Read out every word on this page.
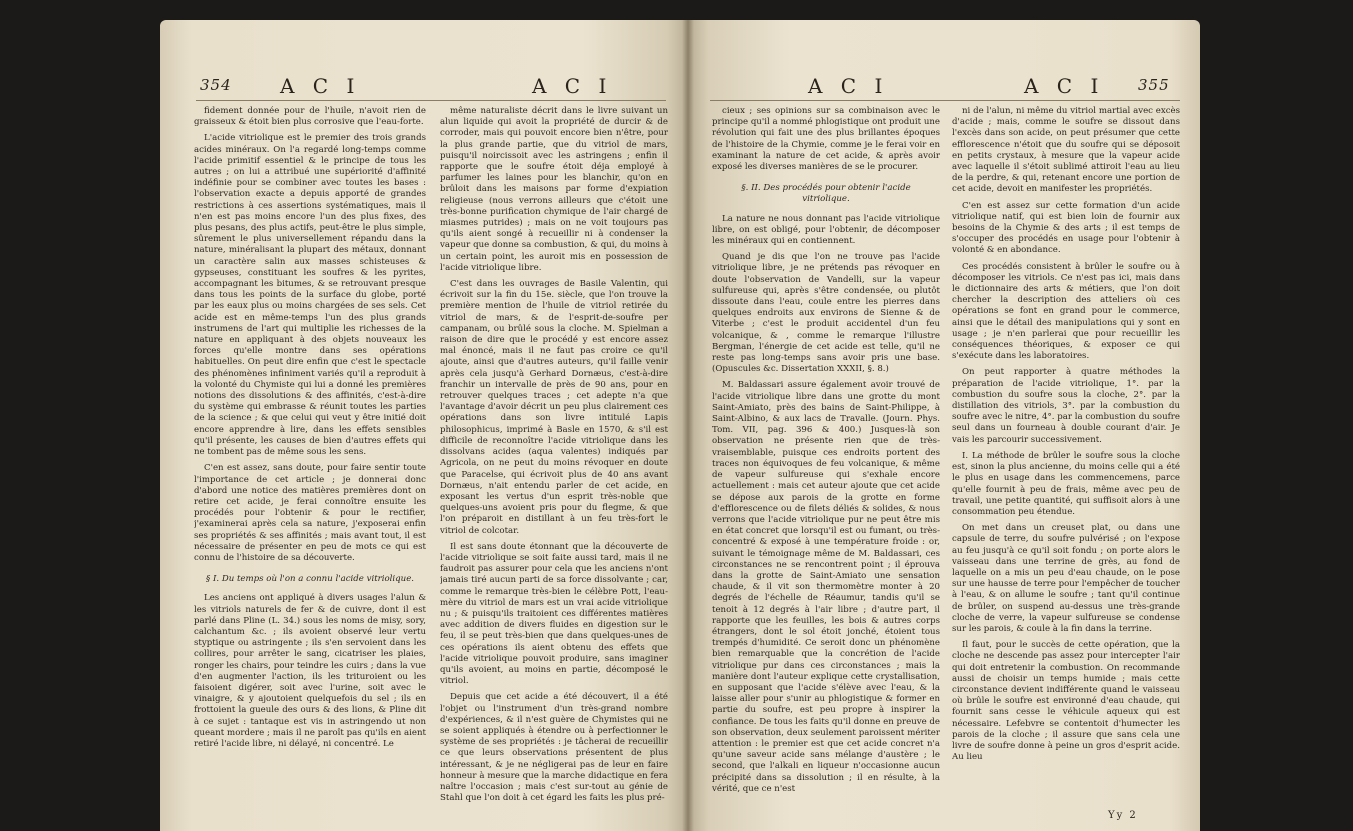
354 A C I	A C I

fidement donnée pour de l'huile, n'avoit rien de graisseux & étoit bien plus corrosive que l'eau-forte.

L'acide vitriolique est le premier des trois grands acides minéraux. On l'a regardé long-temps comme l'acide primitif essentiel & le principe de tous les autres ; on lui a attribué une supériorité d'affinité indéfinie pour se combiner avec toutes les bases : l'observation exacte a depuis apporté de grandes restrictions à ces assertions systématiques, mais il n'en est pas moins encore l'un des plus fixes, des plus pesans, des plus actifs, peut-être le plus simple, sûrement le plus universellement répandu dans la nature, minéralisant la plupart des métaux, donnant un caractère salin aux masses schisteuses & gypseuses, constituant les soufres & les pyrites, accompagnant les bitumes, & se retrouvant presque dans tous les points de la surface du globe, porté par les eaux plus ou moins chargées de ses sels. Cet acide est en même-temps l'un des plus grands instrumens de l'art qui multiplie les richesses de la nature en appliquant à des objets nouveaux les forces qu'elle montre dans ses opérations habituelles. On peut dire enfin que c'est le spectacle des phénomènes infiniment variés qu'il a reproduit à la volonté du Chymiste qui lui a donné les premières notions des dissolutions & des affinités, c'est-à-dire du système qui embrasse & réunit toutes les parties de la science ; & que celui qui veut y être initié doit encore apprendre à lire, dans les effets sensibles qu'il présente, les causes de bien d'autres effets qui ne tombent pas de même sous les sens.

C'en est assez, sans doute, pour faire sentir toute l'importance de cet article ; je donnerai donc d'abord une notice des matières premières dont on retire cet acide, je ferai connoître ensuite les procédés pour l'obtenir & pour le rectifier, j'examinerai après cela sa nature, j'exposerai enfin ses propriétés & ses affinités ; mais avant tout, il est nécessaire de présenter en peu de mots ce qui est connu de l'histoire de sa découverte.

§ I. Du temps où l'on a connu l'acide vitriolique.

Les anciens ont appliqué à divers usages l'alun & les vitriols naturels de fer & de cuivre, dont il est parlé dans Pline (L. 34.) sous les noms de misy, sory, calchantum &c. ; ils avoient observé leur vertu styptique ou astringente ; ils s'en servoient dans les collires, pour arrêter le sang, cicatriser les plaies, ronger les chairs, pour teindre les cuirs ; dans la vue d'en augmenter l'action, ils les trituroient ou les faisoient digérer, soit avec l'urine, soit avec le vinaigre, & y ajoutoient quelquefois du sel ; ils en frottoient la gueule des ours & des lions, & Pline dit à ce sujet : tantaque est vis in astringendo ut non queant mordere ; mais il ne paroît pas qu'ils en aient retiré l'acide libre, ni délayé, ni concentré. Le

même naturaliste décrit dans le livre suivant un alun liquide qui avoit la propriété de durcir & de corroder, mais qui pouvoit encore bien n'être, pour la plus grande partie, que du vitriol de mars, puisqu'il noircissoit avec les astringens ; enfin il rapporte que le soufre étoit déja employé à parfumer les laines pour les blanchir, qu'on en brûloit dans les maisons par forme d'expiation religieuse (nous verrons ailleurs que c'étoit une très-bonne purification chymique de l'air chargé de miasmes putrides) ; mais on ne voit toujours pas qu'ils aient songé à recueillir ni à condenser la vapeur que donne sa combustion, & qui, du moins à un certain point, les auroit mis en possession de l'acide vitriolique libre.

C'est dans les ouvrages de Basile Valentin, qui écrivoit sur la fin du 15e. siècle, que l'on trouve la première mention de l'huile de vitriol retirée du vitriol de mars, & de l'esprit-de-soufre per campanam, ou brûlé sous la cloche. M. Spielman a raison de dire que le procédé y est encore assez mal énoncé, mais il ne faut pas croire ce qu'il ajoute, ainsi que d'autres auteurs, qu'il faille venir après cela jusqu'à Gerhard Dornæus, c'est-à-dire franchir un intervalle de près de 90 ans, pour en retrouver quelques traces ; cet adepte n'a que l'avantage d'avoir décrit un peu plus clairement ces opérations dans son livre intitulé Lapis philosophicus, imprimé à Basle en 1570, & s'il est difficile de reconnoître l'acide vitriolique dans les dissolvans acides (aqua valentes) indiqués par Agricola, on ne peut du moins révoquer en doute que Paracelse, qui écrivoit plus de 40 ans avant Dornæus, n'ait entendu parler de cet acide, en exposant les vertus d'un esprit très-noble que quelques-uns avoient pris pour du flegme, & que l'on préparoit en distillant à un feu très-fort le vitriol de colcotar.

Il est sans doute étonnant que la découverte de l'acide vitriolique se soit faite aussi tard, mais il ne faudroit pas assurer pour cela que les anciens n'ont jamais tiré aucun parti de sa force dissolvante ; car, comme le remarque très-bien le célèbre Pott, l'eau-mère du vitriol de mars est un vrai acide vitriolique nu ; & puisqu'ils traitoient ces différentes matières avec addition de divers fluides en digestion sur le feu, il se peut très-bien que dans quelques-unes de ces opérations ils aient obtenu des effets que l'acide vitriolique pouvoit produire, sans imaginer qu'ils avoient, au moins en partie, décomposé le vitriol.

Depuis que cet acide a été découvert, il a été l'objet ou l'instrument d'un très-grand nombre d'expériences, & il n'est guère de Chymistes qui ne se soient appliqués à étendre ou à perfectionner le système de ses propriétés : je tâcherai de recueillir ce que leurs observations présentent de plus intéressant, & je ne négligerai pas de leur en faire honneur à mesure que la marche didactique en fera naître l'occasion ; mais c'est sur-tout au génie de Stahl que l'on doit à cet égard les faits les plus pré-

A C I	A C I 355

cieux ; ses opinions sur sa combinaison avec le principe qu'il a nommé phlogistique ont produit une révolution qui fait une des plus brillantes époques de l'histoire de la Chymie, comme je le ferai voir en examinant la nature de cet acide, & après avoir exposé les diverses manières de se le procurer.

§. II. Des procédés pour obtenir l'acide vitriolique.

La nature ne nous donnant pas l'acide vitriolique libre, on est obligé, pour l'obtenir, de décomposer les minéraux qui en contiennent.

Quand je dis que l'on ne trouve pas l'acide vitriolique libre, je ne prétends pas révoquer en doute l'observation de Vandelli, sur la vapeur sulfureuse qui, après s'être condensée, ou plutôt dissoute dans l'eau, coule entre les pierres dans quelques endroits aux environs de Sienne & de Viterbe ; c'est le produit accidentel d'un feu volcanique, & , comme le remarque l'illustre Bergman, l'énergie de cet acide est telle, qu'il ne reste pas long-temps sans avoir pris une base. (Opuscules &c. Dissertation XXXII, §. 8.)

M. Baldassari assure également avoir trouvé de l'acide vitriolique libre dans une grotte du mont Saint-Amiato, près des bains de Saint-Philippe, à Saint-Albino, & aux lacs de Travalle. (Journ. Phys. Tom. VII, pag. 396 & 400.) Jusques-là son observation ne présente rien que de très-vraisemblable, puisque ces endroits portent des traces non équivoques de feu volcanique, & même de vapeur sulfureuse qui s'exhale encore actuellement : mais cet auteur ajoute que cet acide se dépose aux parois de la grotte en forme d'efflorescence ou de filets déliés & solides, & nous verrons que l'acide vitriolique pur ne peut être mis en état concret que lorsqu'il est ou fumant, ou très-concentré & exposé à une température froide : or, suivant le témoignage même de M. Baldassari, ces circonstances ne se rencontrent point ; il éprouva dans la grotte de Saint-Amiato une sensation chaude, & il vit son thermomètre monter à 20 degrés de l'échelle de Réaumur, tandis qu'il se tenoit à 12 degrés à l'air libre ; d'autre part, il rapporte que les feuilles, les bois & autres corps étrangers, dont le sol étoit jonché, étoient tous trempés d'humidité. Ce seroit donc un phénomène bien remarquable que la concrétion de l'acide vitriolique pur dans ces circonstances ; mais la manière dont l'auteur explique cette crystallisation, en supposant que l'acide s'élève avec l'eau, & la laisse aller pour s'unir au phlogistique & former en partie du soufre, est peu propre à inspirer la confiance. De tous les faits qu'il donne en preuve de son observation, deux seulement paroissent mériter attention : le premier est que cet acide concret n'a qu'une saveur acide sans mélange d'austère ; le second, que l'alkali en liqueur n'occasionne aucun précipité dans sa dissolution ; il en résulte, à la vérité, que ce n'est

ni de l'alun, ni même du vitriol martial avec excès d'acide ; mais, comme le soufre se dissout dans l'excès dans son acide, on peut présumer que cette efflorescence n'étoit que du soufre qui se déposoit en petits crystaux, à mesure que la vapeur acide avec laquelle il s'étoit sublimé attiroit l'eau au lieu de la perdre, & qui, retenant encore une portion de cet acide, devoit en manifester les propriétés.

C'en est assez sur cette formation d'un acide vitriolique natif, qui est bien loin de fournir aux besoins de la Chymie & des arts ; il est temps de s'occuper des procédés en usage pour l'obtenir à volonté & en abondance.

Ces procédés consistent à brûler le soufre ou à décomposer les vitriols. Ce n'est pas ici, mais dans le dictionnaire des arts & métiers, que l'on doit chercher la description des atteliers où ces opérations se font en grand pour le commerce, ainsi que le détail des manipulations qui y sont en usage ; je n'en parlerai que pour recueillir les conséquences théoriques, & exposer ce qui s'exécute dans les laboratoires.

On peut rapporter à quatre méthodes la préparation de l'acide vitriolique, 1°. par la combustion du soufre sous la cloche, 2°. par la distillation des vitriols, 3°. par la combustion du soufre avec le nitre, 4°. par la combustion du soufre seul dans un fourneau à double courant d'air. Je vais les parcourir successivement.

I. La méthode de brûler le soufre sous la cloche est, sinon la plus ancienne, du moins celle qui a été le plus en usage dans les commencemens, parce qu'elle fournit à peu de frais, même avec peu de travail, une petite quantité, qui suffisoit alors à une consommation peu étendue.

On met dans un creuset plat, ou dans une capsule de terre, du soufre pulvérisé ; on l'expose au feu jusqu'à ce qu'il soit fondu ; on porte alors le vaisseau dans une terrine de grès, au fond de laquelle on a mis un peu d'eau chaude, on le pose sur une hausse de terre pour l'empêcher de toucher à l'eau, & on allume le soufre ; tant qu'il continue de brûler, on suspend au-dessus une très-grande cloche de verre, la vapeur sulfureuse se condense sur les parois, & coule à la fin dans la terrine.

Il faut, pour le succès de cette opération, que la cloche ne descende pas assez pour intercepter l'air qui doit entretenir la combustion. On recommande aussi de choisir un temps humide ; mais cette circonstance devient indifférente quand le vaisseau où brûle le soufre est environné d'eau chaude, qui fournit sans cesse le véhicule aqueux qui est nécessaire. Lefebvre se contentoit d'humecter les parois de la cloche ; il assure que sans cela une livre de soufre donne à peine un gros d'esprit acide. Au lieu

Yy 2
